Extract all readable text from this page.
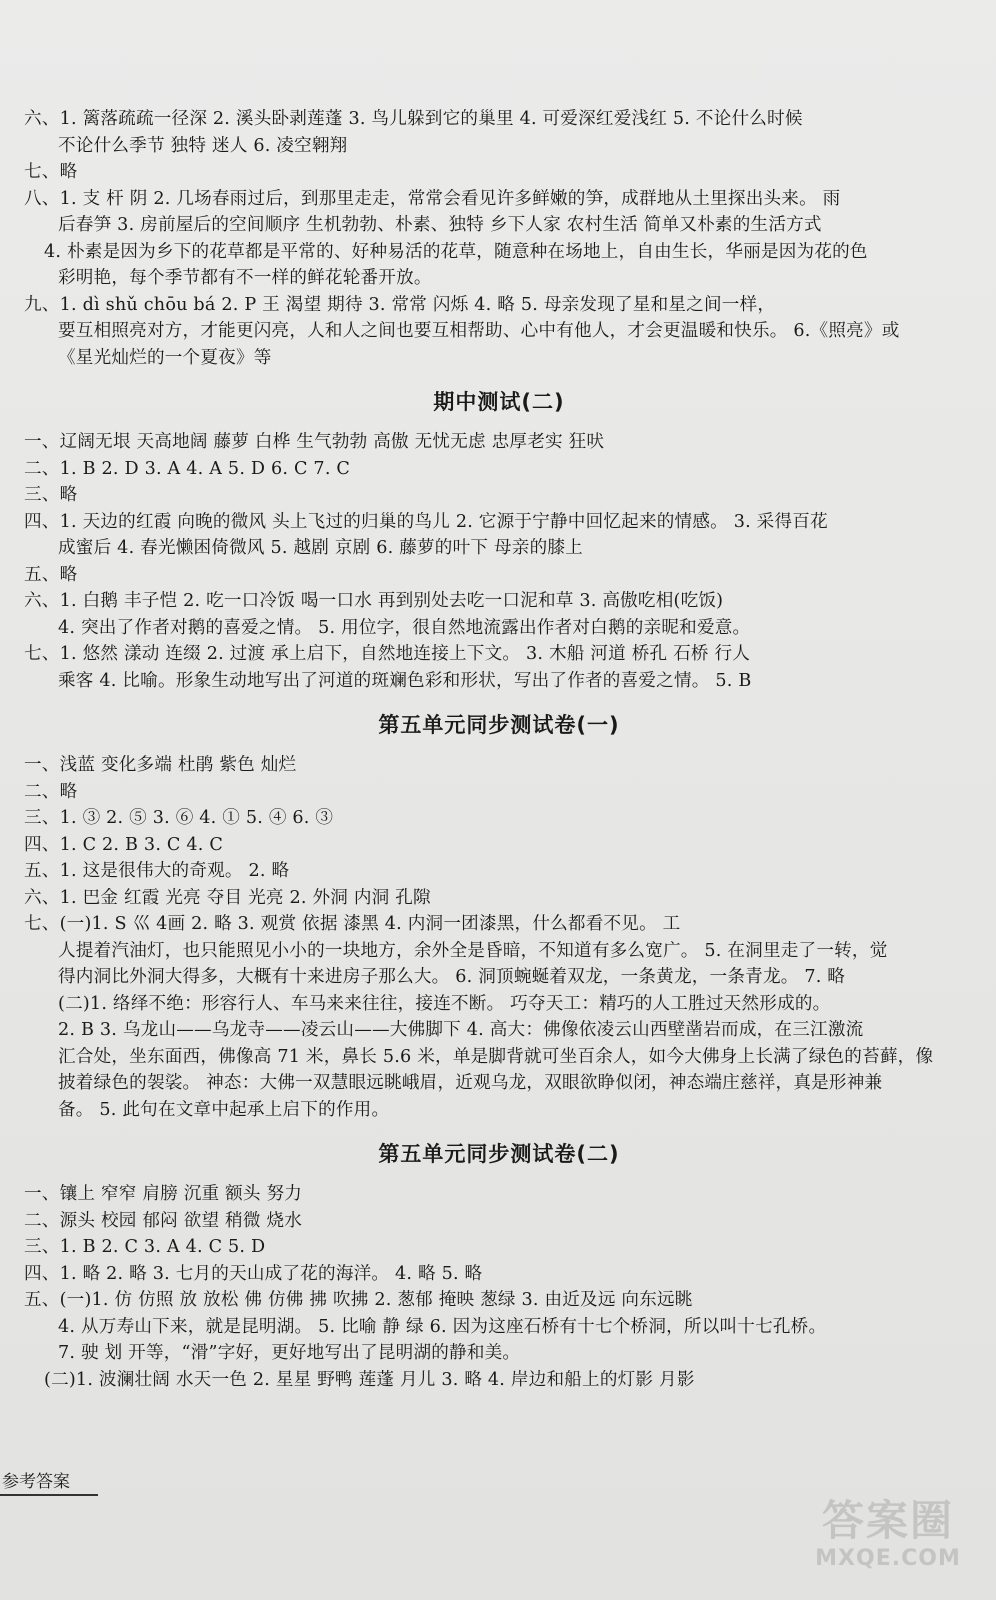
六、1. 篱落疏疏一径深 2. 溪头卧剥莲蓬 3. 鸟儿躲到它的巢里 4. 可爱深红爱浅红 5. 不论什么时候
不论什么季节 独特 迷人 6. 凌空翱翔
七、略
八、1. 支 杆 阴 2. 几场春雨过后，到那里走走，常常会看见许多鲜嫩的笋，成群地从土里探出头来。 雨
后春笋 3. 房前屋后的空间顺序 生机勃勃、朴素、独特 乡下人家 农村生活 简单又朴素的生活方式
4. 朴素是因为乡下的花草都是平常的、好种易活的花草，随意种在场地上，自由生长，华丽是因为花的色
彩明艳，每个季节都有不一样的鲜花轮番开放。
九、1. dì shǔ chōu bá 2. P 王 渴望 期待 3. 常常 闪烁 4. 略 5. 母亲发现了星和星之间一样，
要互相照亮对方，才能更闪亮，人和人之间也要互相帮助、心中有他人，才会更温暖和快乐。 6.《照亮》或
《星光灿烂的一个夏夜》等
期中测试(二)
一、辽阔无垠 天高地阔 藤萝 白桦 生气勃勃 高傲 无忧无虑 忠厚老实 狂吠
二、1. B 2. D 3. A 4. A 5. D 6. C 7. C
三、略
四、1. 天边的红霞 向晚的微风 头上飞过的归巢的鸟儿 2. 它源于宁静中回忆起来的情感。 3. 采得百花
成蜜后 4. 春光懒困倚微风 5. 越剧 京剧 6. 藤萝的叶下 母亲的膝上
五、略
六、1. 白鹅 丰子恺 2. 吃一口冷饭 喝一口水 再到别处去吃一口泥和草 3. 高傲吃相(吃饭)
4. 突出了作者对鹅的喜爱之情。 5. 用位字，很自然地流露出作者对白鹅的亲昵和爱意。
七、1. 悠然 漾动 连缀 2. 过渡 承上启下，自然地连接上下文。 3. 木船 河道 桥孔 石桥 行人
乘客 4. 比喻。形象生动地写出了河道的斑斓色彩和形状，写出了作者的喜爱之情。 5. B
第五单元同步测试卷(一)
一、浅蓝 变化多端 杜鹃 紫色 灿烂
二、略
三、1. ③ 2. ⑤ 3. ⑥ 4. ① 5. ④ 6. ③
四、1. C 2. B 3. C 4. C
五、1. 这是很伟大的奇观。 2. 略
六、1. 巴金 红霞 光亮 夺目 光亮 2. 外洞 内洞 孔隙
七、(一)1. S 巛 4画 2. 略 3. 观赏 依据 漆黑 4. 内洞一团漆黑，什么都看不见。 工
人提着汽油灯，也只能照见小小的一块地方，余外全是昏暗，不知道有多么宽广。 5. 在洞里走了一转，觉
得内洞比外洞大得多，大概有十来进房子那么大。 6. 洞顶蜿蜒着双龙，一条黄龙，一条青龙。 7. 略
(二)1. 络绎不绝：形容行人、车马来来往往，接连不断。 巧夺天工：精巧的人工胜过天然形成的。
2. B 3. 乌龙山——乌龙寺——凌云山——大佛脚下 4. 高大：佛像依凌云山西壁凿岩而成，在三江激流
汇合处，坐东面西，佛像高 71 米，鼻长 5.6 米，单是脚背就可坐百余人，如今大佛身上长满了绿色的苔藓，像
披着绿色的袈裟。 神态：大佛一双慧眼远眺峨眉，近观乌龙，双眼欲睁似闭，神态端庄慈祥，真是形神兼
备。 5. 此句在文章中起承上启下的作用。
第五单元同步测试卷(二)
一、镶上 窄窄 肩膀 沉重 额头 努力
二、源头 校园 郁闷 欲望 稍微 烧水
三、1. B 2. C 3. A 4. C 5. D
四、1. 略 2. 略 3. 七月的天山成了花的海洋。 4. 略 5. 略
五、(一)1. 仿 仿照 放 放松 佛 仿佛 拂 吹拂 2. 葱郁 掩映 葱绿 3. 由近及远 向东远眺
4. 从万寿山下来，就是昆明湖。 5. 比喻 静 绿 6. 因为这座石桥有十七个桥洞，所以叫十七孔桥。
7. 驶 划 开等，“滑”字好，更好地写出了昆明湖的静和美。
(二)1. 波澜壮阔 水天一色 2. 星星 野鸭 莲蓬 月儿 3. 略 4. 岸边和船上的灯影 月影
参考答案
答案圈
MXQE.COM
